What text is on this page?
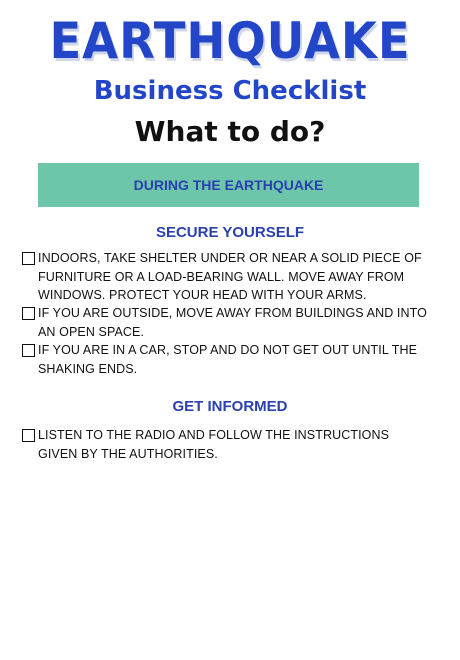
EARTHQUAKE
Business Checklist
What to do?
DURING THE EARTHQUAKE
SECURE YOURSELF
INDOORS, TAKE SHELTER UNDER OR NEAR A SOLID PIECE OF FURNITURE OR A LOAD-BEARING WALL. MOVE AWAY FROM WINDOWS. PROTECT YOUR HEAD WITH YOUR ARMS.
IF YOU ARE OUTSIDE, MOVE AWAY FROM BUILDINGS AND INTO AN OPEN SPACE.
IF YOU ARE IN A CAR, STOP AND DO NOT GET OUT UNTIL THE SHAKING ENDS.
GET INFORMED
LISTEN TO THE RADIO AND FOLLOW THE INSTRUCTIONS GIVEN BY THE AUTHORITIES.
